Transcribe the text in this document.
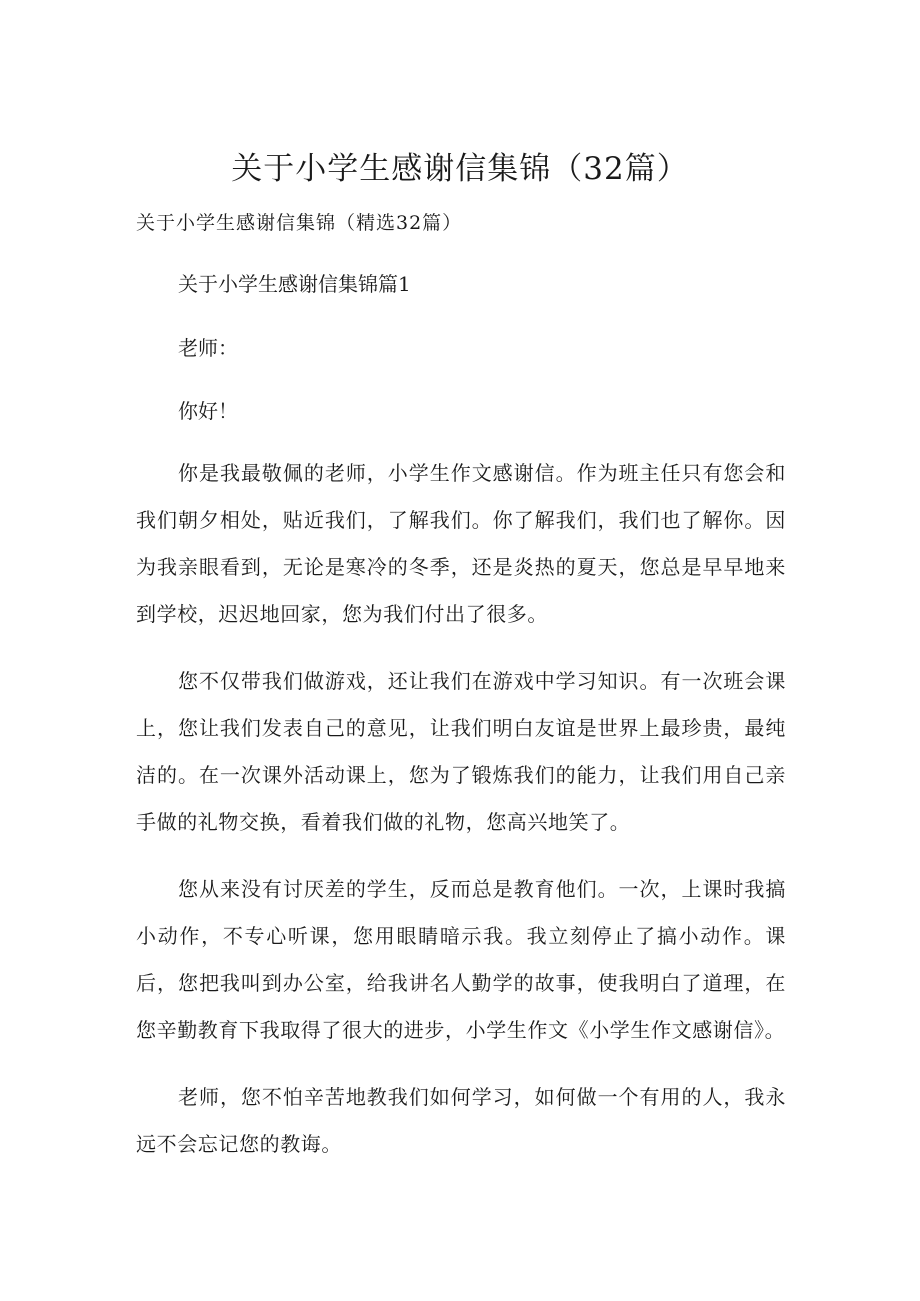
关于小学生感谢信集锦（32篇）

关于小学生感谢信集锦（精选32篇）

关于小学生感谢信集锦篇1

老师：

你好！

你是我最敬佩的老师，小学生作文感谢信。作为班主任只有您会和我们朝夕相处，贴近我们，了解我们。你了解我们，我们也了解你。因为我亲眼看到，无论是寒冷的冬季，还是炎热的夏天，您总是早早地来到学校，迟迟地回家，您为我们付出了很多。

您不仅带我们做游戏，还让我们在游戏中学习知识。有一次班会课上，您让我们发表自己的意见，让我们明白友谊是世界上最珍贵，最纯洁的。在一次课外活动课上，您为了锻炼我们的能力，让我们用自己亲手做的礼物交换，看着我们做的礼物，您高兴地笑了。

您从来没有讨厌差的学生，反而总是教育他们。一次，上课时我搞小动作，不专心听课，您用眼睛暗示我。我立刻停止了搞小动作。课后，您把我叫到办公室，给我讲名人勤学的故事，使我明白了道理，在您辛勤教育下我取得了很大的进步，小学生作文《小学生作文感谢信》。

老师，您不怕辛苦地教我们如何学习，如何做一个有用的人，我永远不会忘记您的教诲。
